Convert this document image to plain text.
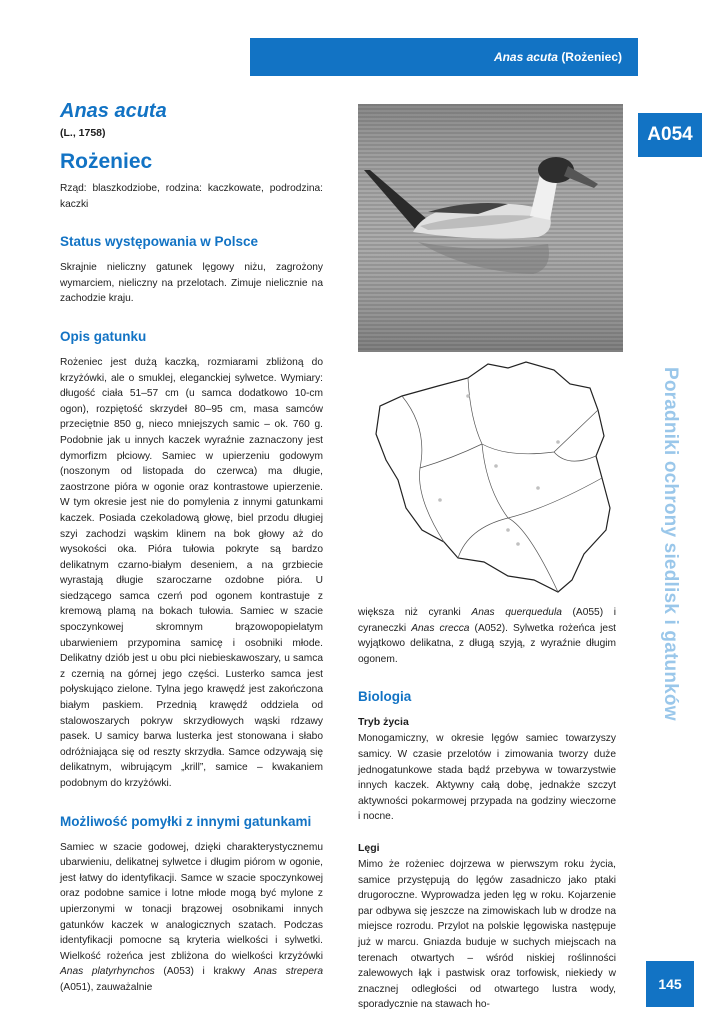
Anas acuta
(Rożeniec)
A054
Poradniki ochrony siedlisk i gatunków
145
Anas acuta
(L., 1758)
Rożeniec

Rząd: blaszkodziobe, rodzina: kaczkowate, podrodzina: kaczki

Status występowania w Polsce

Skrajnie nieliczny gatunek lęgowy niżu, zagrożony wymarciem, nieliczny na przelotach. Zimuje nielicznie na zachodzie kraju.

Opis gatunku

Rożeniec jest dużą kaczką, rozmiarami zbliżoną do krzyżówki, ale o smuklej, eleganckiej sylwetce. Wymiary: długość ciała 51–57 cm (u samca dodatkowo 10-cm ogon), rozpiętość skrzydeł 80–95 cm, masa samców przeciętnie 850 g, nieco mniejszych samic – ok. 760 g. Podobnie jak u innych kaczek wyraźnie zaznaczony jest dymorfizm płciowy. Samiec w upierzeniu godowym (noszonym od listopada do czerwca) ma długie, zaostrzone pióra w ogonie oraz kontrastowe upierzenie. W tym okresie jest nie do pomylenia z innymi gatunkami kaczek. Posiada czekoladową głowę, biel przodu długiej szyi zachodzi wąskim klinem na bok głowy aż do wysokości oka. Pióra tułowia pokryte są bardzo delikatnym czarno-białym deseniem, a na grzbiecie wyrastają długie szaroczarne ozdobne pióra. U siedzącego samca czerń pod ogonem kontrastuje z kremową plamą na bokach tułowia. Samiec w szacie spoczynkowej skromnym brązowopopielatym ubarwieniem przypomina samicę i osobniki młode. Delikatny dziób jest u obu płci niebieskawoszary, u samca z czernią na górnej jego części. Lusterko samca jest połyskująco zielone. Tylna jego krawędź jest zakończona białym paskiem. Przednią krawędź oddziela od stalowoszarych pokryw skrzydłowych wąski rdzawy pasek. U samicy barwa lusterka jest stonowana i słabo odróżniająca się od reszty skrzydła. Samce odzywają się delikatnym, wibrującym „krill”, samice – kwakaniem podobnym do krzyżówki.

Możliwość pomyłki z innymi gatunkami

Samiec w szacie godowej, dzięki charakterystycznemu ubarwieniu, delikatnej sylwetce i długim piórom w ogonie, jest łatwy do identyfikacji. Samce w szacie spoczynkowej oraz podobne samice i lotne młode mogą być mylone z upierzonymi w tonacji brązowej osobnikami innych gatunków kaczek w analogicznych szatach. Podczas identyfikacji pomocne są kryteria wielkości i sylwetki. Wielkość rożeńca jest zbliżona do wielkości krzyżówki Anas platyrhynchos (A053) i krakwy Anas strepera (A051), zauważalnie

większa niż cyranki Anas querquedula (A055) i cyraneczki Anas crecca (A052). Sylwetka rożeńca jest wyjątkowo delikatna, z długą szyją, z wyraźnie długim ogonem.

Biologia
Tryb życia

Monogamiczny, w okresie lęgów samiec towarzyszy samicy. W czasie przelotów i zimowania tworzy duże jednogatunkowe stada bądź przebywa w towarzystwie innych kaczek. Aktywny całą dobę, jednakże szczyt aktywności pokarmowej przypada na godziny wieczorne i nocne.

Lęgi

Mimo że rożeniec dojrzewa w pierwszym roku życia, samice przystępują do lęgów zasadniczo jako ptaki drugoroczne. Wyprowadza jeden lęg w roku. Kojarzenie par odbywa się jeszcze na zimowiskach lub w drodze na miejsce rozrodu. Przylot na polskie lęgowiska następuje już w marcu. Gniazda buduje w suchych miejscach na terenach otwartych – wśród niskiej roślinności zalewowych łąk i pastwisk oraz torfowisk, niekiedy w znacznej odległości od otwartego lustra wody, sporadycznie na stawach ho-
